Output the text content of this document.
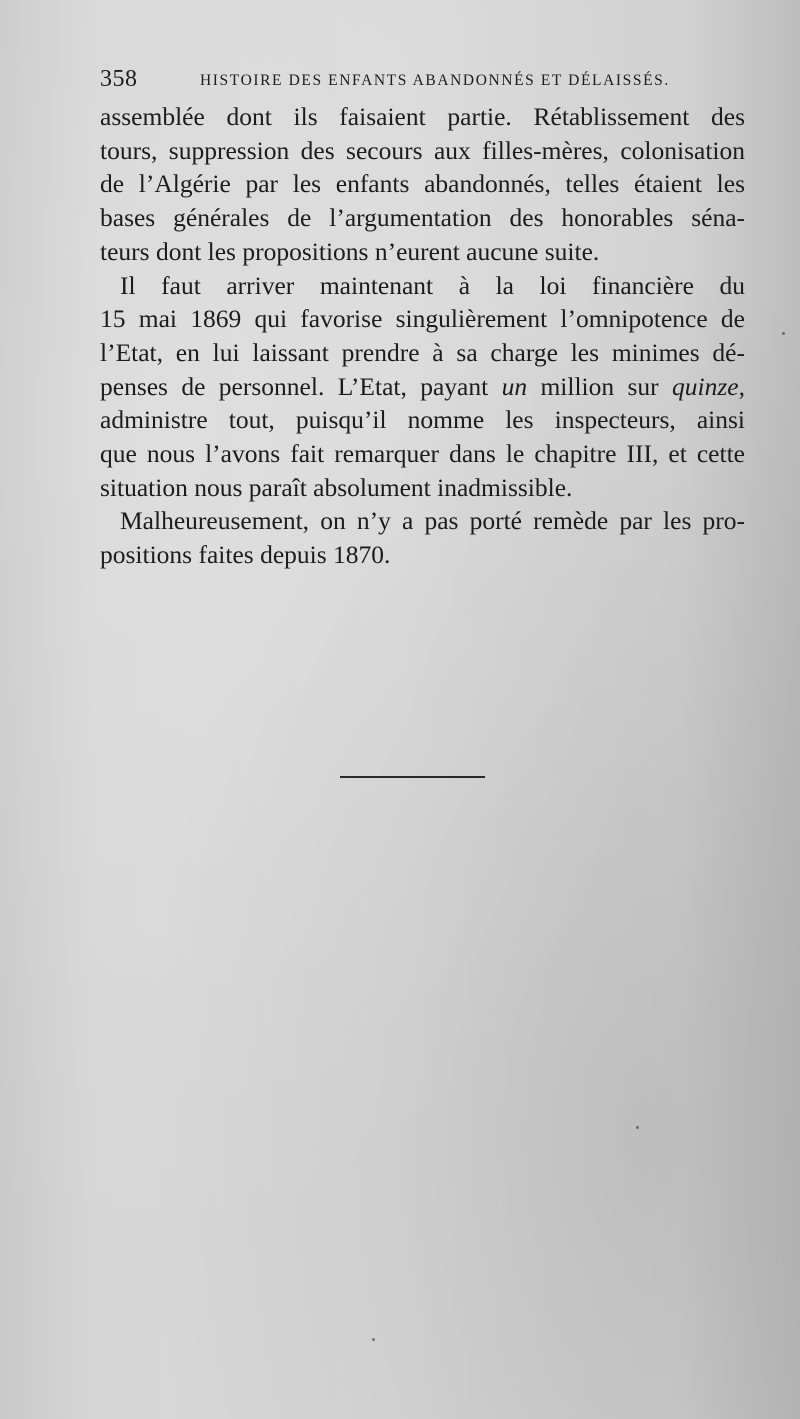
358	HISTOIRE DES ENFANTS ABANDONNÉS ET DÉLAISSÉS.

assemblée dont ils faisaient partie. Rétablissement des
tours, suppression des secours aux filles-mères, colonisation
de l’Algérie par les enfants abandonnés, telles étaient les
bases générales de l’argumentation des honorables séna-
teurs dont les propositions n’eurent aucune suite.

Il faut arriver maintenant à la loi financière du
15 mai 1869 qui favorise singulièrement l’omnipotence de
l’Etat, en lui laissant prendre à sa charge les minimes dé-
penses de personnel. L’Etat, payant un million sur quinze,
administre tout, puisqu’il nomme les inspecteurs, ainsi
que nous l’avons fait remarquer dans le chapitre III, et cette
situation nous paraît absolument inadmissible.

Malheureusement, on n’y a pas porté remède par les pro-
positions faites depuis 1870.
